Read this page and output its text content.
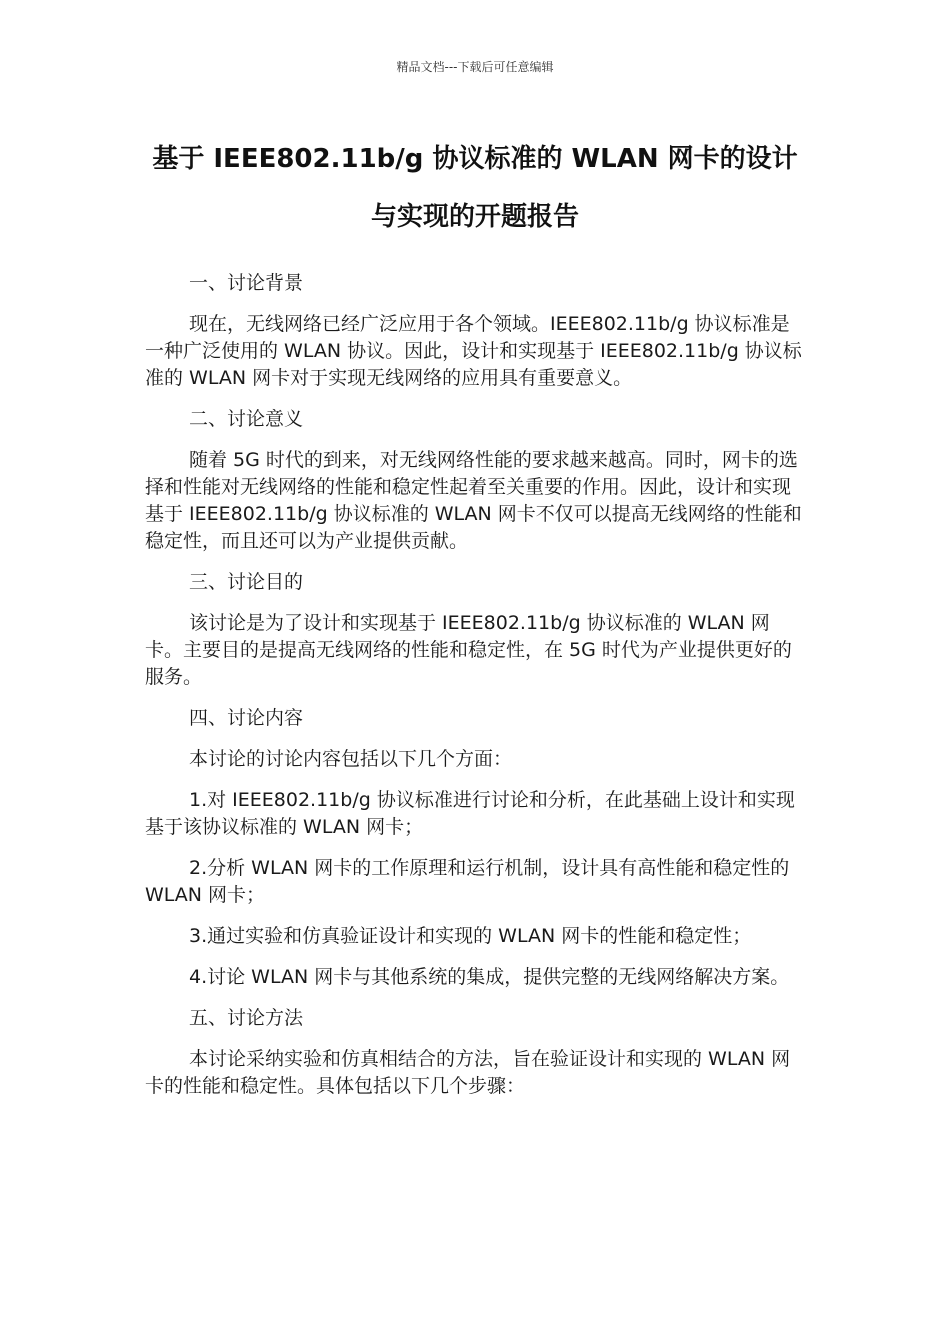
精品文档---下载后可任意编辑
基于 IEEE802.11b/g 协议标准的 WLAN 网卡的设计
与实现的开题报告

一、讨论背景

现在，无线网络已经广泛应用于各个领域。IEEE802.11b/g 协议标准是一种广泛使用的 WLAN 协议。因此，设计和实现基于 IEEE802.11b/g 协议标准的 WLAN 网卡对于实现无线网络的应用具有重要意义。

二、讨论意义

随着 5G 时代的到来，对无线网络性能的要求越来越高。同时，网卡的选择和性能对无线网络的性能和稳定性起着至关重要的作用。因此，设计和实现基于 IEEE802.11b/g 协议标准的 WLAN 网卡不仅可以提高无线网络的性能和稳定性，而且还可以为产业提供贡献。

三、讨论目的

该讨论是为了设计和实现基于 IEEE802.11b/g 协议标准的 WLAN 网卡。主要目的是提高无线网络的性能和稳定性，在 5G 时代为产业提供更好的服务。

四、讨论内容

本讨论的讨论内容包括以下几个方面：

1.对 IEEE802.11b/g 协议标准进行讨论和分析，在此基础上设计和实现基于该协议标准的 WLAN 网卡；

2.分析 WLAN 网卡的工作原理和运行机制，设计具有高性能和稳定性的 WLAN 网卡；

3.通过实验和仿真验证设计和实现的 WLAN 网卡的性能和稳定性；

4.讨论 WLAN 网卡与其他系统的集成，提供完整的无线网络解决方案。

五、讨论方法

本讨论采纳实验和仿真相结合的方法，旨在验证设计和实现的 WLAN 网卡的性能和稳定性。具体包括以下几个步骤：
